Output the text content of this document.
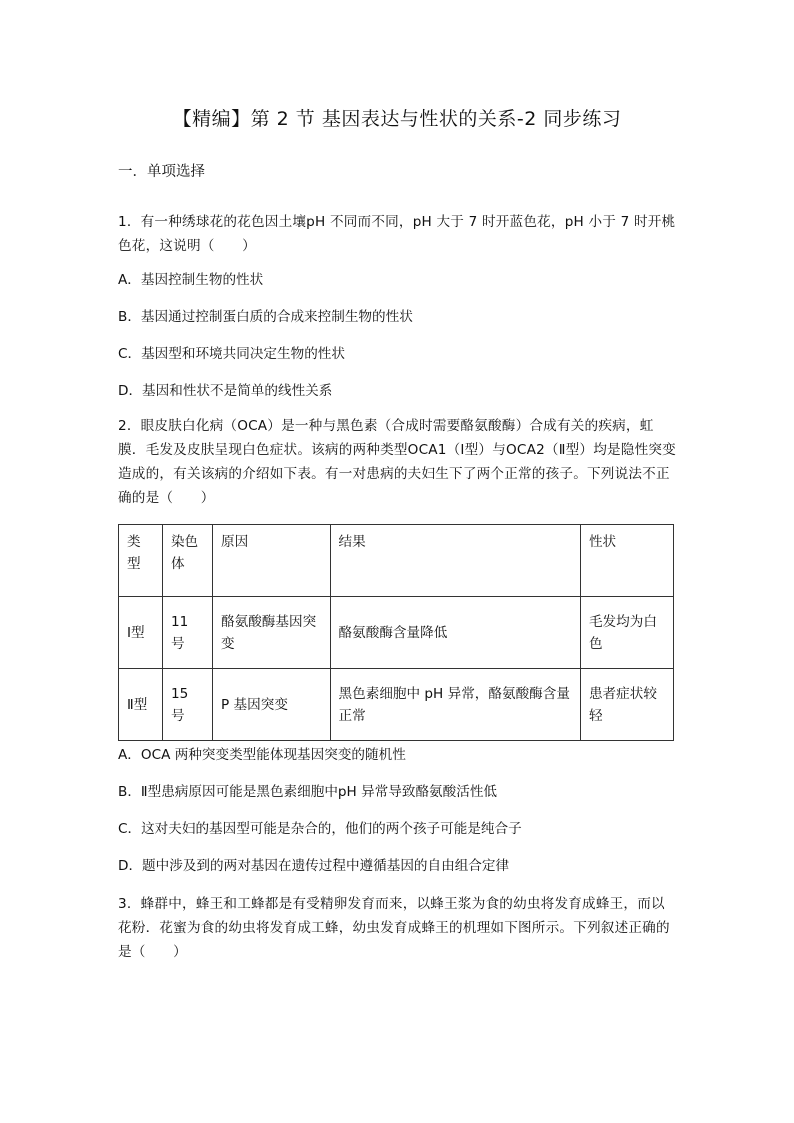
【精编】第 2 节 基因表达与性状的关系-2 同步练习
一．单项选择
1．有一种绣球花的花色因土壤pH 不同而不同，pH 大于 7 时开蓝色花，pH 小于 7 时开桃色花，这说明（　　）
A．基因控制生物的性状
B．基因通过控制蛋白质的合成来控制生物的性状
C．基因型和环境共同决定生物的性状
D．基因和性状不是简单的线性关系
2．眼皮肤白化病（OCA）是一种与黑色素（合成时需要酪氨酸酶）合成有关的疾病，虹膜．毛发及皮肤呈现白色症状。该病的两种类型OCA1（Ⅰ型）与OCA2（Ⅱ型）均是隐性突变造成的，有关该病的介绍如下表。有一对患病的夫妇生下了两个正常的孩子。下列说法不正确的是（　　）
类型	染色体	原因	结果	性状
Ⅰ型	11 号	酪氨酸酶基因突变	酪氨酸酶含量降低	毛发均为白色
Ⅱ型	15 号	P 基因突变	黑色素细胞中 pH 异常，酪氨酸酶含量正常	患者症状较轻
A．OCA 两种突变类型能体现基因突变的随机性
B．Ⅱ型患病原因可能是黑色素细胞中pH 异常导致酪氨酸活性低
C．这对夫妇的基因型可能是杂合的，他们的两个孩子可能是纯合子
D．题中涉及到的两对基因在遗传过程中遵循基因的自由组合定律
3．蜂群中，蜂王和工蜂都是有受精卵发育而来，以蜂王浆为食的幼虫将发育成蜂王，而以花粉．花蜜为食的幼虫将发育成工蜂，幼虫发育成蜂王的机理如下图所示。下列叙述正确的是（　　）
